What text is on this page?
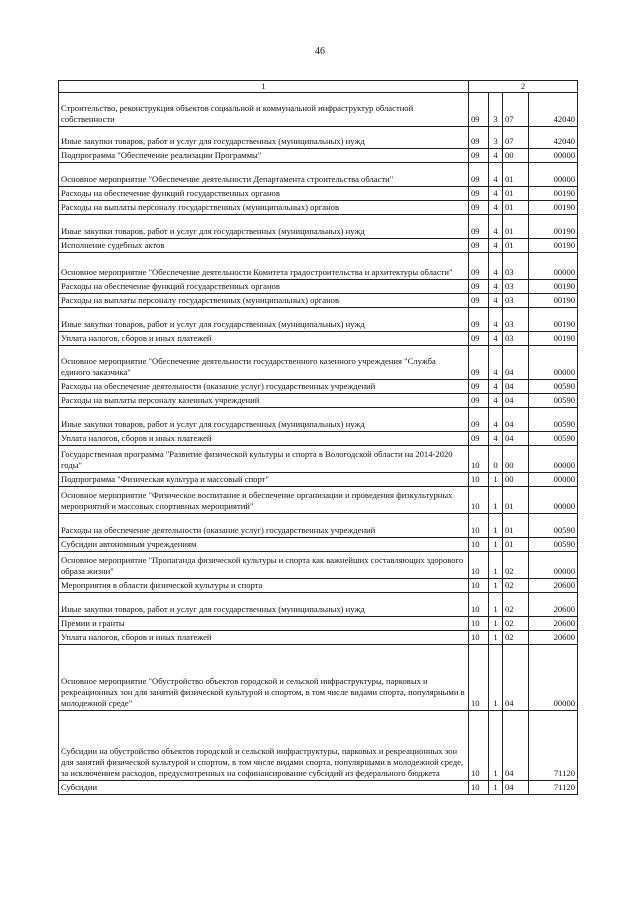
46
1	2			
Строительство, реконструкция объектов социальной и коммунальной инфраструктур областной собственности	09	3	07	42040
Иные закупки товаров, работ и услуг для государственных (муниципальных) нужд	09	3	07	42040
Подпрограмма "Обеспечение реализации Программы"	09	4	00	00000
Основное мероприятие "Обеспечение деятельности Департамента строительства области"	09	4	01	00000
Расходы на обеспечение функций государственных органов	09	4	01	00190
Расходы на выплаты персоналу государственных (муниципальных) органов	09	4	01	00190
Иные закупки товаров, работ и услуг для государственных (муниципальных) нужд	09	4	01	00190
Исполнение судебных актов	09	4	01	00190
Основное мероприятие "Обеспечение деятельности Комитета градостроительства и архитектуры области"	09	4	03	00000
Расходы на обеспечение функций государственных органов	09	4	03	00190
Расходы на выплаты персоналу государственных (муниципальных) органов	09	4	03	00190
Иные закупки товаров, работ и услуг для государственных (муниципальных) нужд	09	4	03	00190
Уплата налогов, сборов и иных платежей	09	4	03	00190
Основное мероприятие "Обеспечение деятельности государственного казенного учреждения "Служба единого заказчика"	09	4	04	00000
Расходы на обеспечение деятельности (оказание услуг) государственных учреждений	09	4	04	00590
Расходы на выплаты персоналу казенных учреждений	09	4	04	00590
Иные закупки товаров, работ и услуг для государственных (муниципальных) нужд	09	4	04	00590
Уплата налогов, сборов и иных платежей	09	4	04	00590
Государственная программа "Развитие физической культуры и спорта в Вологодской области на 2014-2020 годы"	10	0	00	00000
Подпрограмма "Физическая культура и массовый спорт"	10	1	00	00000
Основное мероприятие "Физическое воспитание и обеспечение организации и проведения физкультурных мероприятий и массовых спортивных мероприятий"	10	1	01	00000
Расходы на обеспечение деятельности (оказание услуг) государственных учреждений	10	1	01	00590
Субсидии автономным учреждениям	10	1	01	00590
Основное мероприятие "Пропаганда физической культуры и спорта как важнейших составляющих здорового образа жизни"	10	1	02	00000
Мероприятия в области физической культуры и спорта	10	1	02	20600
Иные закупки товаров, работ и услуг для государственных (муниципальных) нужд	10	1	02	20600
Премии и гранты	10	1	02	20600
Уплата налогов, сборов и иных платежей	10	1	02	20600
Основное мероприятие "Обустройство объектов городской и сельской инфраструктуры, парковых и рекреационных зон для занятий физической культурой и спортом, в том числе видами спорта, популярными в молодежной среде"	10	1	04	00000
Субсидии на обустройство объектов городской и сельской инфраструктуры, парковых и рекреационных зон для занятий физической культурой и спортом, в том числе видами спорта, популярными в молодежной среде, за исключением расходов, предусмотренных на софинансирование субсидий из федерального бюджета	10	1	04	71120
Субсидии	10	1	04	71120
